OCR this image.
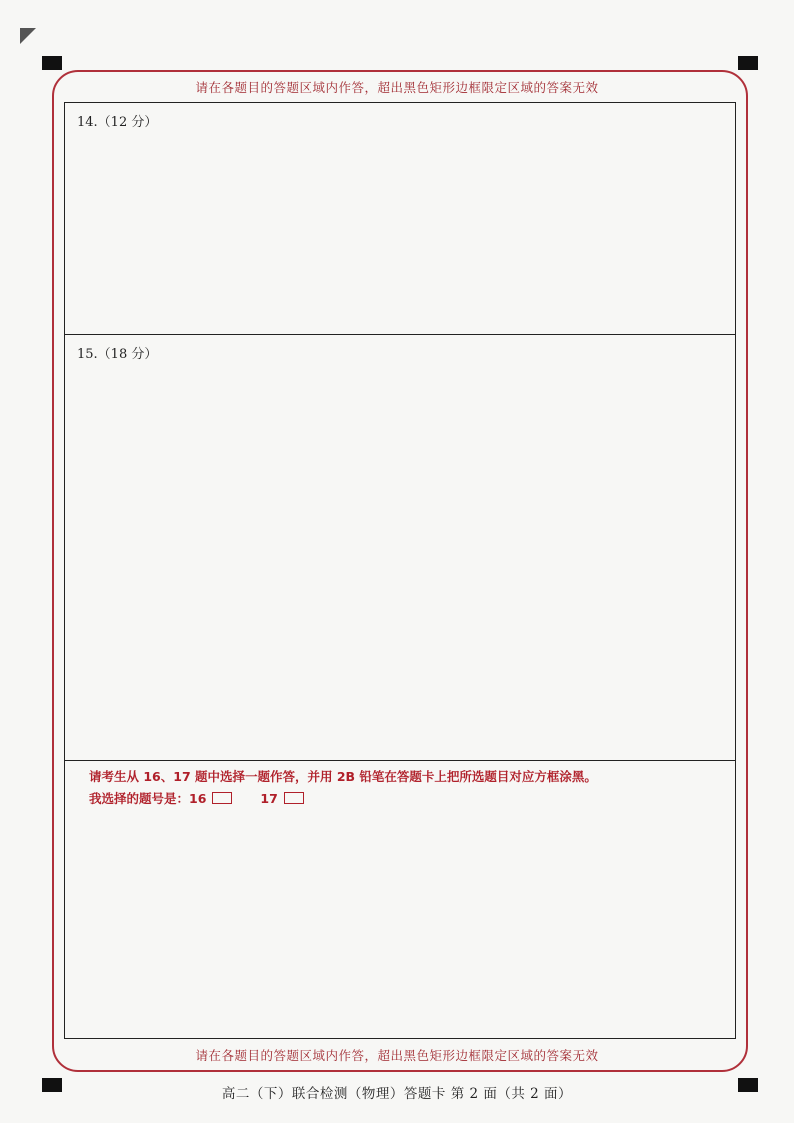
请在各题目的答题区域内作答，超出黑色矩形边框限定区域的答案无效
14.（12 分）
15.（18 分）
请考生从 16、17 题中选择一题作答，并用 2B 铅笔在答题卡上把所选题目对应方框涂黑。
我选择的题号是： 16	17
请在各题目的答题区域内作答，超出黑色矩形边框限定区域的答案无效
高二（下）联合检测（物理）答题卡 第 2 面（共 2 面）
